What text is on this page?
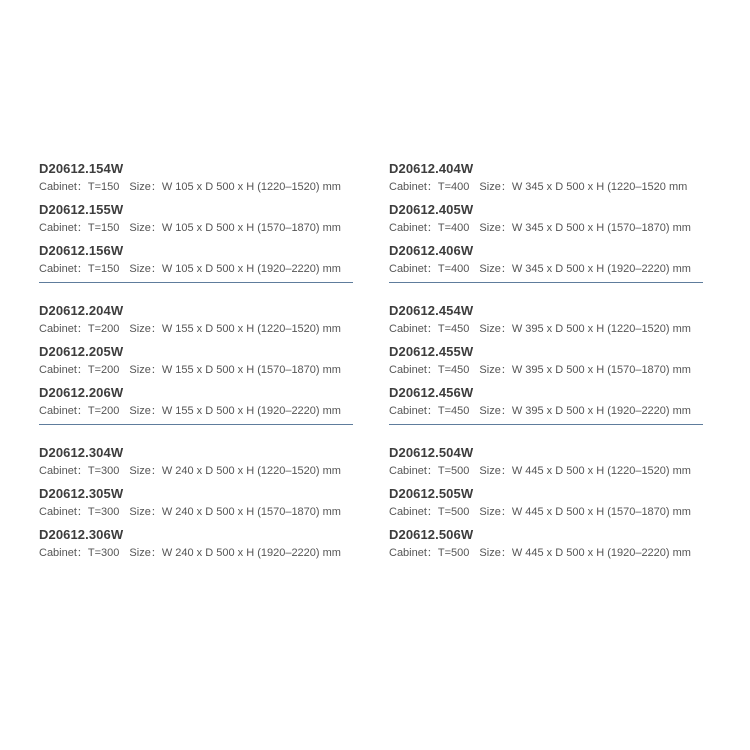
D20612.154W
Cabinet：T=150 Size：W 105 x D 500 x H (1220–1520) mm
D20612.155W
Cabinet：T=150 Size：W 105 x D 500 x H (1570–1870) mm
D20612.156W
Cabinet：T=150 Size：W 105 x D 500 x H (1920–2220) mm
D20612.204W
Cabinet：T=200 Size：W 155 x D 500 x H (1220–1520) mm
D20612.205W
Cabinet：T=200 Size：W 155 x D 500 x H (1570–1870) mm
D20612.206W
Cabinet：T=200 Size：W 155 x D 500 x H (1920–2220) mm
D20612.304W
Cabinet：T=300 Size：W 240 x D 500 x H (1220–1520) mm
D20612.305W
Cabinet：T=300 Size：W 240 x D 500 x H (1570–1870) mm
D20612.306W
Cabinet：T=300 Size：W 240 x D 500 x H (1920–2220) mm
D20612.404W
Cabinet：T=400 Size：W 345 x D 500 x H (1220–1520 mm
D20612.405W
Cabinet：T=400 Size：W 345 x D 500 x H (1570–1870) mm
D20612.406W
Cabinet：T=400 Size：W 345 x D 500 x H (1920–2220) mm
D20612.454W
Cabinet：T=450 Size：W 395 x D 500 x H (1220–1520) mm
D20612.455W
Cabinet：T=450 Size：W 395 x D 500 x H (1570–1870) mm
D20612.456W
Cabinet：T=450 Size：W 395 x D 500 x H (1920–2220) mm
D20612.504W
Cabinet：T=500 Size：W 445 x D 500 x H (1220–1520) mm
D20612.505W
Cabinet：T=500 Size：W 445 x D 500 x H (1570–1870) mm
D20612.506W
Cabinet：T=500 Size：W 445 x D 500 x H (1920–2220) mm
